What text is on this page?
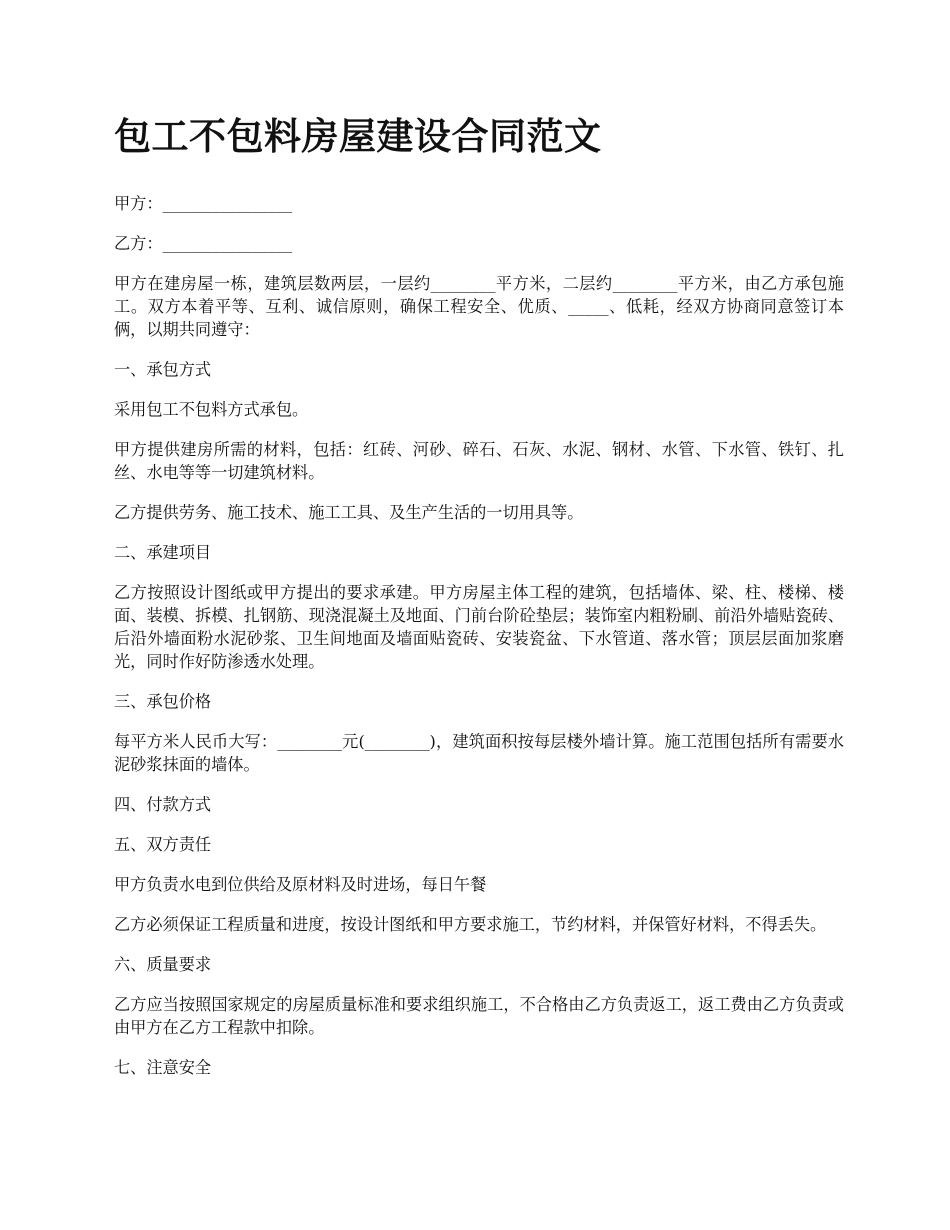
包工不包料房屋建设合同范文

甲方：________________

乙方：________________

甲方在建房屋一栋，建筑层数两层，一层约________平方米，二层约________平方米，由乙方承包施工。双方本着平等、互利、诚信原则，确保工程安全、优质、_____、低耗，经双方协商同意签订本俩，以期共同遵守：

一、承包方式

采用包工不包料方式承包。

甲方提供建房所需的材料，包括：红砖、河砂、碎石、石灰、水泥、钢材、水管、下水管、铁钉、扎丝、水电等等一切建筑材料。

乙方提供劳务、施工技术、施工工具、及生产生活的一切用具等。

二、承建项目

乙方按照设计图纸或甲方提出的要求承建。甲方房屋主体工程的建筑，包括墙体、梁、柱、楼梯、楼面、装模、拆模、扎钢筋、现浇混凝土及地面、门前台阶砼垫层；装饰室内粗粉刷、前沿外墙贴瓷砖、后沿外墙面粉水泥砂浆、卫生间地面及墙面贴瓷砖、安装瓷盆、下水管道、落水管；顶层层面加浆磨光，同时作好防渗透水处理。

三、承包价格

每平方米人民币大写：________元(________)，建筑面积按每层楼外墙计算。施工范围包括所有需要水泥砂浆抹面的墙体。

四、付款方式

五、双方责任

甲方负责水电到位供给及原材料及时进场，每日午餐

乙方必须保证工程质量和进度，按设计图纸和甲方要求施工，节约材料，并保管好材料，不得丢失。

六、质量要求

乙方应当按照国家规定的房屋质量标准和要求组织施工，不合格由乙方负责返工，返工费由乙方负责或由甲方在乙方工程款中扣除。

七、注意安全
